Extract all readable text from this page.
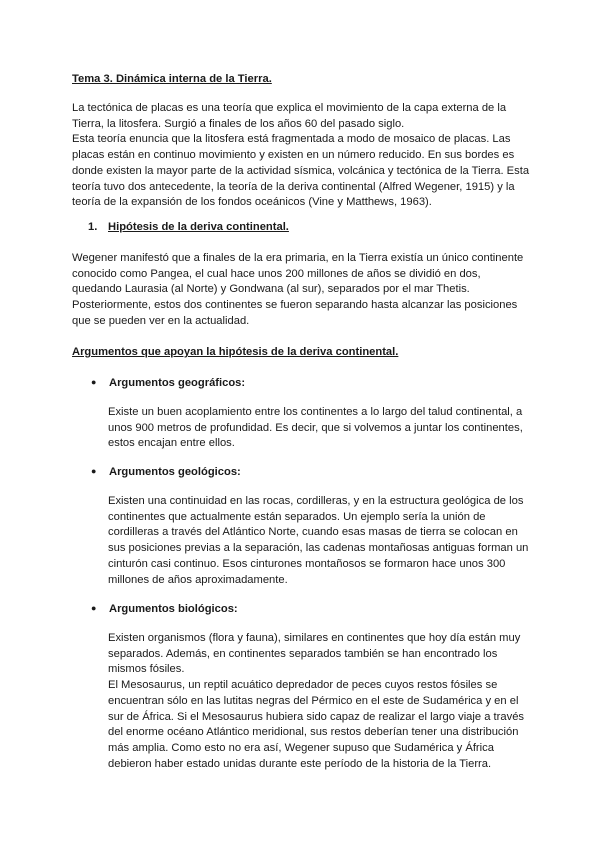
Tema 3. Dinámica interna de la Tierra.

La tectónica de placas es una teoría que explica el movimiento de la capa externa de la
Tierra, la litosfera. Surgió a finales de los años 60 del pasado siglo.
Esta teoría enuncia que la litosfera está fragmentada a modo de mosaico de placas. Las
placas están en continuo movimiento y existen en un número reducido. En sus bordes es
donde existen la mayor parte de la actividad sísmica, volcánica y tectónica de la Tierra. Esta
teoría tuvo dos antecedente, la teoría de la deriva continental (Alfred Wegener, 1915) y la
teoría de la expansión de los fondos oceánicos (Vine y Matthews, 1963).

1. Hipótesis de la deriva continental.

Wegener manifestó que a finales de la era primaria, en la Tierra existía un único continente
conocido como Pangea, el cual hace unos 200 millones de años se dividió en dos,
quedando Laurasia (al Norte) y Gondwana (al sur), separados por el mar Thetis.
Posteriormente, estos dos continentes se fueron separando hasta alcanzar las posiciones
que se pueden ver en la actualidad.

Argumentos que apoyan la hipótesis de la deriva continental.

● Argumentos geográficos:

Existe un buen acoplamiento entre los continentes a lo largo del talud continental, a
unos 900 metros de profundidad. Es decir, que si volvemos a juntar los continentes,
estos encajan entre ellos.

● Argumentos geológicos:

Existen una continuidad en las rocas, cordilleras, y en la estructura geológica de los
continentes que actualmente están separados. Un ejemplo sería la unión de
cordilleras a través del Atlántico Norte, cuando esas masas de tierra se colocan en
sus posiciones previas a la separación, las cadenas montañosas antiguas forman un
cinturón casi continuo. Esos cinturones montañosos se formaron hace unos 300
millones de años aproximadamente.

● Argumentos biológicos:

Existen organismos (flora y fauna), similares en continentes que hoy día están muy
separados. Además, en continentes separados también se han encontrado los
mismos fósiles.
El Mesosaurus, un reptil acuático depredador de peces cuyos restos fósiles se
encuentran sólo en las lutitas negras del Pérmico en el este de Sudamérica y en el
sur de África. Si el Mesosaurus hubiera sido capaz de realizar el largo viaje a través
del enorme océano Atlántico meridional, sus restos deberían tener una distribución
más amplia. Como esto no era así, Wegener supuso que Sudamérica y África
debieron haber estado unidas durante este período de la historia de la Tierra.
